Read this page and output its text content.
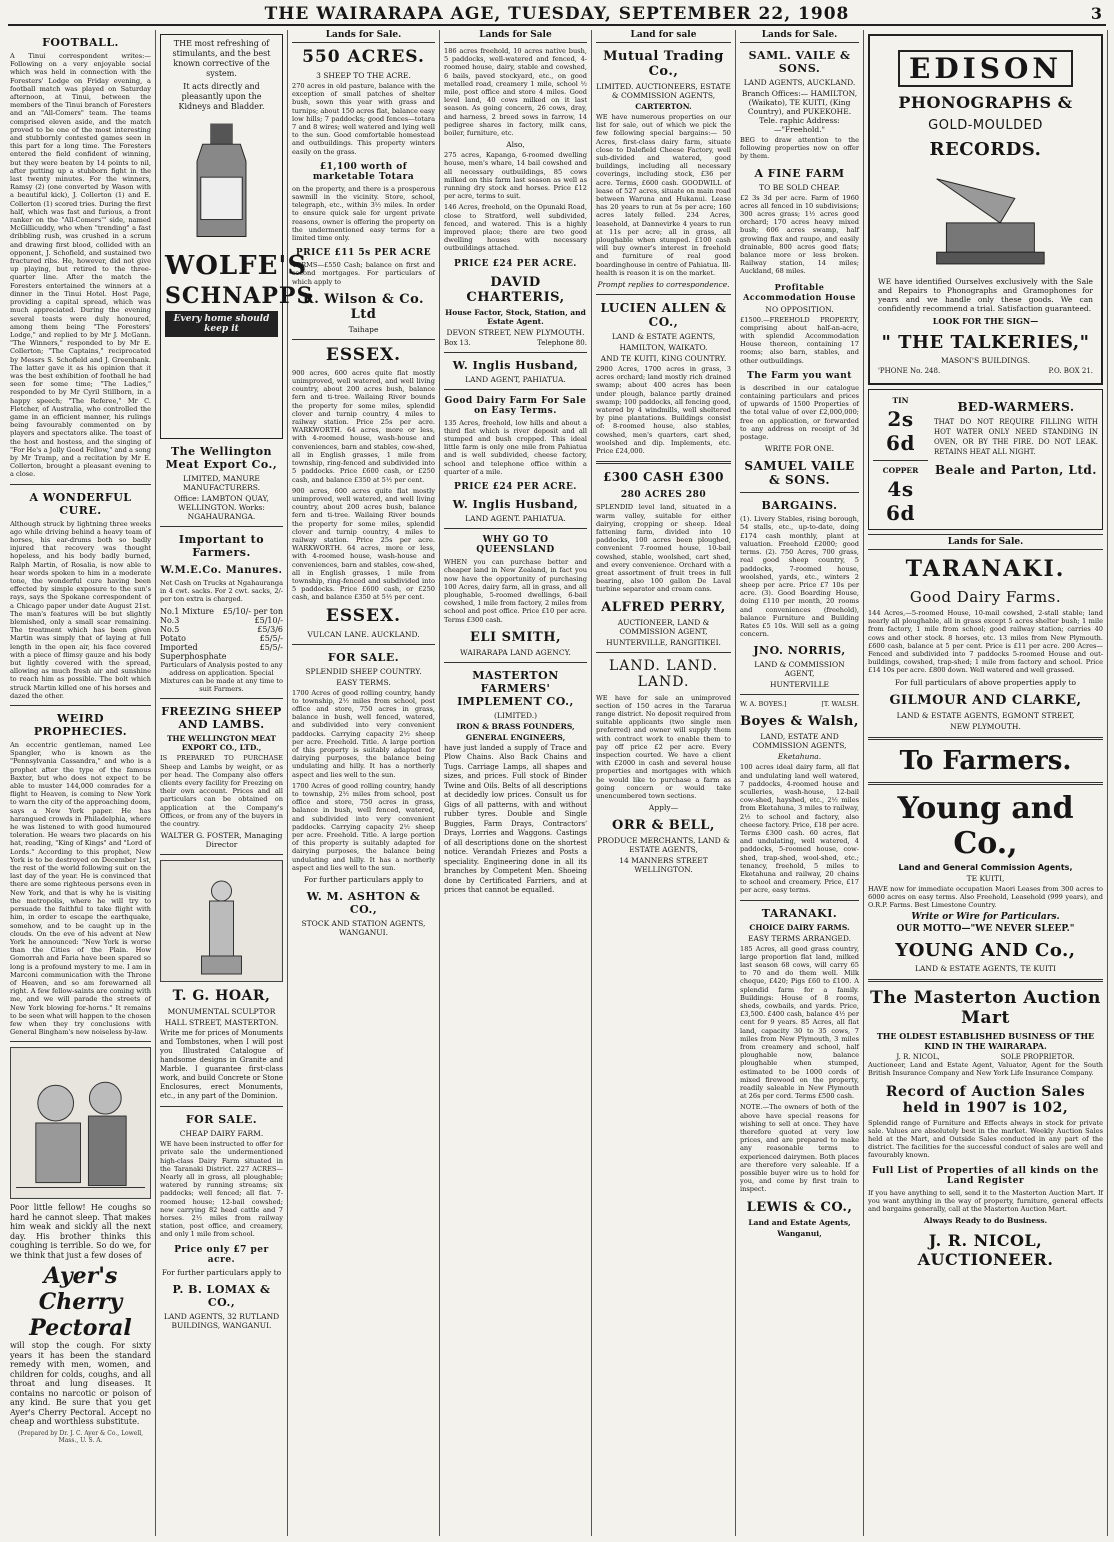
THE WAIRARAPA AGE, TUESDAY, SEPTEMBER 22, 1908	3
FOOTBALL.

A Tinui correspondent writes:— Following on a very enjoyable social which was held in connection with the Foresters' Lodge on Friday evening, a football match was played on Saturday afternoon, at Tinui, between the members of the Tinui branch of Foresters and an "All-Comers" team. The teams comprised eleven aside, and the match proved to be one of the most interesting and stubbornly contested games seen in this part for a long time. The Foresters entered the field confident of winning, but they were beaten by 14 points to nil, after putting up a stubborn fight in the last twenty minutes. For the winners, Ramsy (2) (one converted by Wason with a beautiful kick), J. Collerton (1) and E. Collerton (1) scored tries. During the first half, which was fast and furious, a front ranker on the "All-Comers'" side, named McGillicuddy, who when "trending" a fast dribbling rush, was crushed in a scrum and drawing first blood, collided with an opponent, J. Schofield, and sustained two fractured ribs. He, however, did not give up playing, but retired to the three-quarter line. After the match the Foresters entertained the winners at a dinner in the Tinui Hotel. Host Page, providing a capital spread, which was much appreciated. During the evening several toasts were duly honoured, among them being "The Foresters' Lodge," and replied to by Mr J. McGann. "The Winners," responded to by Mr E. Collerton; "The Captains," reciprocated by Messrs S. Schofield and J. Greenbank. The latter gave it as his opinion that it was the best exhibition of football he had seen for some time; "The Ladies," responded to by Mr Cyril Stillborn, in a happy speech; "The Referee," Mr C. Fletcher, of Australia, who controlled the game in an efficient manner, his rulings being favourably commented on by players and spectators alike. The toast of the host and hostess, and the singing of "For He's a Jolly Good Fellow," and a song by Mr Tramp, and a recitation by Mr E. Collerton, brought a pleasant evening to a close.

A WONDERFUL CURE.

Although struck by lightning three weeks ago while driving behind a heavy team of horses, his ear-drums both so badly injured that recovery was thought hopeless, and his body badly burned, Ralph Martin, of Rosalia, is now able to hear words spoken to him in a moderate tone, the wonderful cure having been effected by simple exposure to the sun's rays, says the Spokane correspondent of a Chicago paper under date August 21st. The man's features will be but slightly blemished, only a small scar remaining. The treatment which has been given Martin was simply that of laying at full length in the open air, his face covered with a piece of flimsy gauze and his body but lightly covered with the spread, allowing as much fresh air and sunshine to reach him as possible. The bolt which struck Martin killed one of his horses and dazed the other.

WEIRD PROPHECIES.

An eccentric gentleman, named Lee Spangler, who is known as the "Pennsylvania Cassandra," and who is a prophet after the type of the famous Baxter, but who does not expect to be able to muster 144,000 comrades for a flight to Heaven, is coming to New York to warn the city of the approaching doom, says a New York paper. He has harangued crowds in Philadelphia, where he was listened to with good humoured toleration. He wears two placards on his hat, reading, "King of Kings" and "Lord of Lords." According to this prophet, New York is to be destroyed on December 1st, the rest of the world following suit on the last day of the year. He is convinced that there are some righteous persons even in New York, and that is why he is visiting the metropolis, where he will try to persuade the faithful to take flight with him, in order to escape the earthquake, somehow, and to be caught up in the clouds. On the eve of his advent at New York he announced: "New York is worse than the Cities of the Plain. How Gomorrah and Faria have been spared so long is a profound mystery to me. I am in Marconi communication with the Throne of Heaven, and so am forewarned all right. A few fellow-saints are coming with me, and we will parade the streets of New York blowing for-horns." It remains to be seen what will happen to the chosen few when they try conclusions with General Bingham's new noiseless by-law.

Poor little fellow! He coughs so hard he cannot sleep. That makes him weak and sickly all the next day. His brother thinks this coughing is terrible. So do we, for we think that just a few doses of

Ayer's Cherry Pectoral

will stop the cough. For sixty years it has been the standard remedy with men, women, and children for colds, coughs, and all throat and lung diseases. It contains no narcotic or poison of any kind. Be sure that you get Ayer's Cherry Pectoral. Accept no cheap and worthless substitute.

(Prepared by Dr. J. C. Ayer & Co., Lowell, Mass., U. S. A.

THE most refreshing of stimulants, and the best known corrective of the system.

It acts directly and pleasantly upon the Kidneys and Bladder.

WOLFE'S
SCHNAPPS
Every home should keep it
The Wellington Meat Export Co.,
LIMITED, MANURE MANUFACTURERS.
Office: LAMBTON QUAY, WELLINGTON. Works: NGAHAURANGA.
Important to Farmers.
W.M.E.Co. Manures.

Net Cash on Trucks at Ngahauranga in 4 cwt. sacks. For 2 cwt. sacks, 2/- per ton extra is charged.

No.1 Mixture £5/10/- per ton
No.3	£5/10/-
No.5	£5/3/6
Potato	£5/5/-
Imported Superphosphate
£5/5/-

Particulars of Analysis posted to any address on application. Special Mixtures can be made at any time to suit Farmers.

FREEZING SHEEP AND LAMBS.
THE WELLINGTON MEAT EXPORT CO., LTD.,

IS PREPARED TO PURCHASE Sheep and Lambs by weight, or as per head. The Company also offers clients every facility for Freezing on their own account. Prices and all particulars can be obtained on application at the Company's Offices, or from any of the buyers in the country.

WALTER G. FOSTER, Managing Director
T. G. HOAR,
MONUMENTAL SCULPTOR
HALL STREET, MASTERTON.

Write me for prices of Monuments and Tombstones, when I will post you Illustrated Catalogue of handsome designs in Granite and Marble. I guarantee first-class work, and build Concrete or Stone Enclosures, erect Monuments, etc., in any part of the Dominion.

FOR SALE.
CHEAP DAIRY FARM.

WE have been instructed to offer for private sale the undermentioned high-class Dairy Farm situated in the Taranaki District. 227 ACRES—Nearly all in grass, all ploughable; watered by running streams; six paddocks; well fenced; all flat. 7-roomed house; 12-bail cowshed; new carrying 82 head cattle and 7 horses. 2½ miles from railway station, post office, and creamery, and only 1 mile from school.

Price only £7 per acre.
For further particulars apply to
P. B. LOMAX & CO.,
LAND AGENTS, 32 RUTLAND BUILDINGS, WANGANUI.
Lands for Sale.
550 ACRES.
3 SHEEP TO THE ACRE.

270 acres in old pasture, balance with the exception of small patches of shelter bush, sown this year with grass and turnips; about 150 acres flat, balance easy low hills; 7 paddocks; good fences—totara 7 and 8 wires; well watered and lying well to the sun. Good comfortable homestead and outbuildings. This property winters easily on the grass.

£1,100 worth of marketable Totara

on the property, and there is a prosperous sawmill in the vicinity. Store, school, telegraph, etc., within 3½ miles. In order to ensure quick sale for urgent private reasons, owner is offering the property on the undermentioned easy terms for a limited time only.

PRICE £11 5s PER ACRE

TERMS—£550 Cash; balance on first and second mortgages. For particulars of which apply to

R. Wilson & Co. Ltd
Taihape
ESSEX.

900 acres, 600 acres quite flat mostly unimproved, well watered, and well living country, about 200 acres bush, balance fern and ti-tree. Wailaing River bounds the property for some miles, splendid clover and turnip country, 4 miles to railway station. Price 25s per acre. WARKWORTH. 64 acres, more or less, with 4-roomed house, wash-house and conveniences, barn and stables, cow-shed, all in English grasses, 1 mile from township, ring-fenced and subdivided into 5 paddocks. Price £600 cash, or £250 cash, and balance £350 at 5½ per cent.

900 acres, 600 acres quite flat mostly unimproved, well watered, and well living country, about 200 acres bush, balance fern and ti-tree. Wailaing River bounds the property for some miles, splendid clover and turnip country, 4 miles to railway station. Price 25s per acre. WARKWORTH. 64 acres, more or less, with 4-roomed house, wash-house and conveniences, barn and stables, cow-shed, all in English grasses, 1 mile from township, ring-fenced and subdivided into 5 paddocks. Price £600 cash, or £250 cash, and balance £350 at 5½ per cent.

ESSEX.
VULCAN LANE. AUCKLAND.
FOR SALE.
SPLENDID SHEEP COUNTRY.
EASY TERMS.

1700 Acres of good rolling country, handy to township, 2½ miles from school, post office and store, 750 acres in grass, balance in bush, well fenced, watered, and subdivided into very convenient paddocks. Carrying capacity 2½ sheep per acre. Freehold. Title. A large portion of this property is suitably adapted for dairying purposes, the balance being undulating and hilly. It has a northerly aspect and lies well to the sun.

1700 Acres of good rolling country, handy to township, 2½ miles from school, post office and store, 750 acres in grass, balance in bush, well fenced, watered, and subdivided into very convenient paddocks. Carrying capacity 2½ sheep per acre. Freehold. Title. A large portion of this property is suitably adapted for dairying purposes, the balance being undulating and hilly. It has a northerly aspect and lies well to the sun.

For further particulars apply to
W. M. ASHTON & CO.,
STOCK AND STATION AGENTS, WANGANUI.
Lands for Sale

186 acres freehold, 10 acres native bush, 5 paddocks, well-watered and fenced, 4-roomed house, dairy, stable and cowshed, 6 bails, paved stockyard, etc., on good metalled road, creamery 1 mile, school ½ mile, post office and store 4 miles. Good level land, 40 cows milked on it last season. As going concern, 26 cows, dray, and harness, 2 breed sows in farrow, 14 pedigree shares in factory, milk cans, boiler, furniture, etc.

Also,

275 acres, Kapanga, 6-roomed dwelling house, men's whare, 14 bail cowshed and all necessary outbuildings, 85 cows milked on this farm last season as well as running dry stock and horses. Price £12 per acre, terms to suit.

146 Acres, freehold, on the Opunaki Road, close to Stratford, well subdivided, fenced, and watered. This is a highly improved place; there are two good dwelling houses with necessary outbuildings attached.

PRICE £24 PER ACRE.
DAVID CHARTERIS,
House Factor, Stock, Station, and Estate Agent.
DEVON STREET, NEW PLYMOUTH.
Box 13.	Telephone 80.
W. Inglis Husband,
LAND AGENT, PAHIATUA.
Good Dairy Farm For Sale on Easy Terms.

135 Acres, freehold, low hills and about a third flat which is river deposit and all stumped and bush cropped. This ideal little farm is only one mile from Pahiatua and is well subdivided, cheese factory, school and telephone office within a quarter of a mile.

PRICE £24 PER ACRE.
W. Inglis Husband,
LAND AGENT. PAHIATUA.
WHY GO TO QUEENSLAND

WHEN you can purchase better and cheaper land in New Zealand, in fact you now have the opportunity of purchasing 100 Acres, dairy farm, all in grass, and all ploughable, 5-roomed dwellings, 6-bail cowshed, 1 mile from factory, 2 miles from school and post office. Price £10 per acre. Terms £300 cash.

ELI SMITH,
WAIRARAPA LAND AGENCY.
MASTERTON FARMERS' IMPLEMENT CO.,
(LIMITED.)
IRON & BRASS FOUNDERS,
GENERAL ENGINEERS,

have just landed a supply of Trace and Plow Chains. Also Back Chains and Tugs. Carriage Lamps, all shapes and sizes, and prices. Full stock of Binder Twine and Oils. Belts of all descriptions at decidedly low prices. Consult us for Gigs of all patterns, with and without rubber tyres. Double and Single Buggies, Farm Drays, Contractors' Drays, Lorries and Waggons. Castings of all descriptions done on the shortest notice. Verandah Friezes and Posts a speciality. Engineering done in all its branches by Competent Men. Shoeing done by Certificated Farriers, and at prices that cannot be equalled.

Land for sale
Mutual Trading Co.,
LIMITED. AUCTIONEERS, ESTATE & COMMISSION AGENTS,
CARTERTON.

WE have numerous properties on our list for sale, out of which we pick the few following special bargains:— 50 Acres, first-class dairy farm, situate close to Dalefield Cheese Factory, well sub-divided and watered, good buildings, including all necessary coverings, including stock, £36 per acre. Terms, £600 cash. GOODWILL of lease of 527 acres, situate on main road between Waruna and Hukanui. Lease has 20 years to run at 5s per acre; 160 acres lately felled. 234 Acres, leasehold, at Dannevirke 4 years to run at 11s per acre; all in grass, all ploughable when stumped. £100 cash will buy owner's interest in freehold and furniture of real good boardinghouse in centre of Pahiatua. Ill-health is reason it is on the market.

Prompt replies to correspondence.
LUCIEN ALLEN & CO.,
LAND & ESTATE AGENTS,
HAMILTON, WAIKATO.
AND TE KUITI, KING COUNTRY.

2900 Acres, 1700 acres in grass, 3 acres orchard; land mostly rich drained swamp; about 400 acres has been under plough, balance partly drained swamp; 100 paddocks, all fencing good, watered by 4 windmills, well sheltered by pine plantations. Buildings consist of: 8-roomed house, also stables, cowshed, men's quarters, cart shed, woolshed and dip. Implements, etc. Price £24,000.

£300 CASH £300
280 ACRES 280

SPLENDID level land, situated in a warm valley, suitable for either dairying, cropping or sheep. Ideal fattening farm, divided into 10 paddocks, 100 acres been ploughed, convenient 7-roomed house, 10-bail cowshed, stable, woolshed, cart shed, and every convenience. Orchard with a great assortment of fruit trees in full bearing, also 100 gallon De Laval turbine separator and cream cans.

ALFRED PERRY,
AUCTIONEER, LAND & COMMISSION AGENT,
HUNTERVILLE, RANGITIKEI.
LAND. LAND. LAND.

WE have for sale an unimproved section of 150 acres in the Tararua range district. No deposit required from suitable applicants (two single men preferred) and owner will supply them with contract work to enable them to pay off price £2 per acre. Every inspection courted. We have a client with £2000 in cash and several house properties and mortgages with which he would like to purchase a farm as going concern or would take unencumbered town sections.

Apply—
ORR & BELL,
PRODUCE MERCHANTS, LAND & ESTATE AGENTS,
14 MANNERS STREET WELLINGTON.
Lands for Sale.
SAML. VAILE & SONS.
LAND AGENTS, AUCKLAND.
Branch Offices:— HAMILTON, (Waikato), TE KUITI, (King Country), and PUKEKOHE. Tele. raphic Address:—"Freehold."

BEG to draw attention to the following properties now on offer by them.

A FINE FARM
TO BE SOLD CHEAP.

£2 3s 3d per acre. Farm of 1960 acres all fenced in 10 subdivisions; 300 acres grass; 1½ acres good orchard; 170 acres heavy mixed bush; 606 acres swamp, half growing flax and raupo, and easily drainable, 800 acres good flats; balance more or less broken. Railway station, 14 miles; Auckland, 68 miles.

Profitable Accommodation House
NO OPPOSITION.

£1500.—FREEHOLD PROPERTY, comprising about half-an-acre, with splendid Accommodation House thereon, containing 17 rooms; also barn, stables, and other outbuildings.

The Farm you want

is described in our catalogue containing particulars and prices of upwards of 1500 Properties of the total value of over £2,000,000; free on application, or forwarded to any address on receipt of 3d postage.

WRITE FOR ONE.
SAMUEL VAILE & SONS.
BARGAINS.

(1). Livery Stables, rising borough, 54 stalls, etc., up-to-date, doing £174 cash monthly, plant at valuation. Freehold £2000; good terms. (2). 750 Acres, 700 grass, real good sheep country, 5 paddocks, 7-roomed house, woolshed, yards, etc., winters 2 sheep per acre. Price £7 10s per acre. (3). Good Boarding House, doing £110 per month, 20 rooms and conveniences (freehold), balance Furniture and Building Rates £5 10s. Will sell as a going concern.

JNO. NORRIS,
LAND & COMMISSION AGENT,
HUNTERVILLE
W. A. BOYES.]	[T. WALSH.
Boyes & Walsh,
LAND, ESTATE AND COMMISSION AGENTS,
Eketahuna.

100 acres ideal dairy farm, all flat and undulating land well watered, 7 paddocks, 4-roomed house and sculleries, wash-house, 12-bail cow-shed, hayshed, etc., 2½ miles from Eketahuna, 3 miles to railway, 2½ to school and factory, also cheese factory. Price, £18 per acre. Terms £300 cash. 60 acres, flat and undulating, well watered, 4 paddocks, 5-roomed house, cow-shed, trap-shed, wool-shed, etc.; tenancy, freehold, 5 miles to Eketahuna and railway, 20 chains to school and creamery. Price, £17 per acre, easy terms.

TARANAKI.
CHOICE DAIRY FARMS.
EASY TERMS ARRANGED.

185 Acres, all good grass country, large proportion flat land, milked last season 68 cows, will carry 65 to 70 and do them well. Milk cheque, £420; Pigs £60 to £100. A splendid farm for a family. Buildings: House of 8 rooms, sheds, cowbails, and yards. Price, £3,500. £400 cash, balance 4½ per cent for 9 years. 85 Acres, all flat land, capacity 30 to 35 cows, 7 miles from New Plymouth, 3 miles from creamery and school, half ploughable now, balance ploughable when stumped, estimated to be 1000 cords of mixed firewood on the property, readily saleable in New Plymouth at 26s per cord. Terms £500 cash.

NOTE.—The owners of both of the above have special reasons for wishing to sell at once. They have therefore quoted at very low prices, and are prepared to make any reasonable terms to experienced dairymen. Both places are therefore very saleable. If a possible buyer wire us to hold for you, and come by first train to inspect.

LEWIS & CO.,
Land and Estate Agents,
Wanganui,
EDISON
PHONOGRAPHS &
GOLD-MOULDED
RECORDS.

WE have identified Ourselves exclusively with the Sale and Repairs to Phonographs and Gramophones for years and we handle only these goods. We can confidently recommend a trial. Satisfaction guaranteed.

LOOK FOR THE SIGN—
" THE TALKERIES,"
MASON'S BUILDINGS.
'PHONE No. 248.	P.O. BOX 21.
TIN
2s 6d
COPPER
4s 6d
BED-WARMERS.

THAT DO NOT REQUIRE FILLING WITH HOT WATER ONLY NEED STANDING IN OVEN, OR BY THE FIRE. DO NOT LEAK. RETAINS HEAT ALL NIGHT.

Beale and Parton, Ltd.
Lands for Sale.
TARANAKI.
Good Dairy Farms.

144 Acres,—5-roomed House, 10-mail cowshed, 2-stall stable; land nearly all ploughable, all in grass except 5 acres shelter bush; 1 mile from factory, 1 mile from school; good railway station; carries 40 cows and other stock. 8 horses, etc. 13 miles from New Plymouth. £600 cash, balance at 5 per cent. Price is £11 per acre. 200 Acres—Fenced and subdivided into 7 paddocks 5-roomed House and out-buildings, cowshed, trap-shed; 1 mile from factory and school. Price £14 10s per acre. £800 down. Well watered and well grassed.

For full particulars of above properties apply to
GILMOUR AND CLARKE,
LAND & ESTATE AGENTS, EGMONT STREET,
NEW PLYMOUTH.
To Farmers.
Young and Co.,
Land and General Commission Agents,
TE KUITI,

HAVE now for immediate occupation Maori Leases from 300 acres to 6000 acres on easy terms. Also Freehold, Leasehold (999 years), and O.R.P. Farms. Best Limestone Country.

Write or Wire for Particulars.
OUR MOTTO—"WE NEVER SLEEP."
YOUNG AND Co.,
LAND & ESTATE AGENTS, TE KUITI
The Masterton Auction Mart
THE OLDEST ESTABLISHED BUSINESS OF THE KIND IN THE WAIRARAPA.
J. R. NICOL,	SOLE PROPRIETOR.

Auctioneer, Land and Estate Agent, Valuator, Agent for the South British Insurance Company and New York Life Insurance Company.

Record of Auction Sales held in 1907 is 102,

Splendid range of Furniture and Effects always in stock for private sale. Values are absolutely best in the market. Weekly Auction Sales held at the Mart, and Outside Sales conducted in any part of the district. The facilities for the successful conduct of sales are well and favourably known.

Full List of Properties of all kinds on the Land Register

If you have anything to sell, send it to the Masterton Auction Mart. If you want anything in the way of property, furniture, general effects and bargains generally, call at the Masterton Auction Mart.

Always Ready to do Business.
J. R. NICOL, AUCTIONEER.
